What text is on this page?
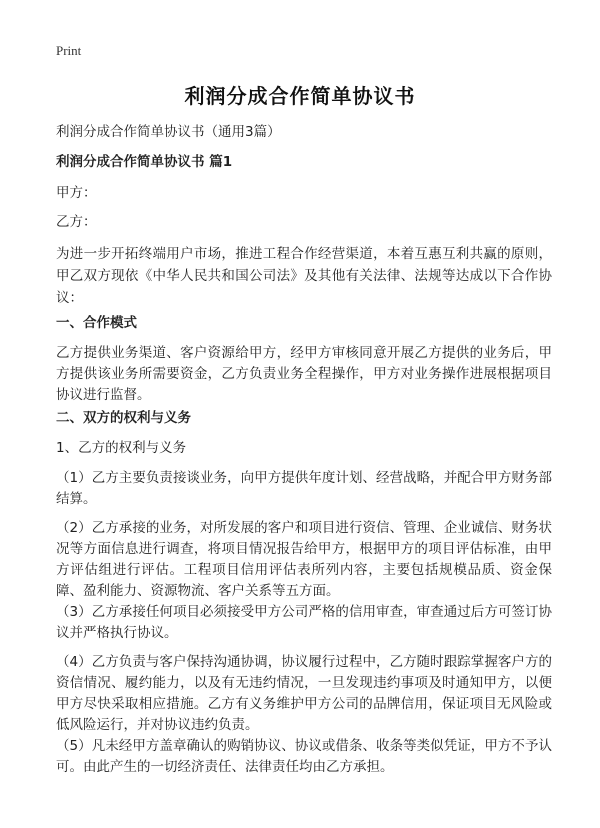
Print
利润分成合作简单协议书
利润分成合作简单协议书（通用3篇）
利润分成合作简单协议书 篇1
甲方：
乙方：
为进一步开拓终端用户市场，推进工程合作经营渠道，本着互惠互利共赢的原则，甲乙双方现依《中华人民共和国公司法》及其他有关法律、法规等达成以下合作协议：
一、合作模式
乙方提供业务渠道、客户资源给甲方，经甲方审核同意开展乙方提供的业务后，甲方提供该业务所需要资金，乙方负责业务全程操作，甲方对业务操作进展根据项目协议进行监督。
二、双方的权利与义务
1、乙方的权利与义务
（1）乙方主要负责接谈业务，向甲方提供年度计划、经营战略，并配合甲方财务部结算。
（2）乙方承接的业务，对所发展的客户和项目进行资信、管理、企业诚信、财务状况等方面信息进行调查，将项目情况报告给甲方，根据甲方的项目评估标准，由甲方评估组进行评估。工程项目信用评估表所列内容，主要包括规模品质、资金保障、盈利能力、资源物流、客户关系等五方面。
（3）乙方承接任何项目必须接受甲方公司严格的信用审查，审查通过后方可签订协议并严格执行协议。
（4）乙方负责与客户保持沟通协调，协议履行过程中，乙方随时跟踪掌握客户方的资信情况、履约能力，以及有无违约情况，一旦发现违约事项及时通知甲方，以便甲方尽快采取相应措施。乙方有义务维护甲方公司的品牌信用，保证项目无风险或低风险运行，并对协议违约负责。
（5）凡未经甲方盖章确认的购销协议、协议或借条、收条等类似凭证，甲方不予认可。由此产生的一切经济责任、法律责任均由乙方承担。
